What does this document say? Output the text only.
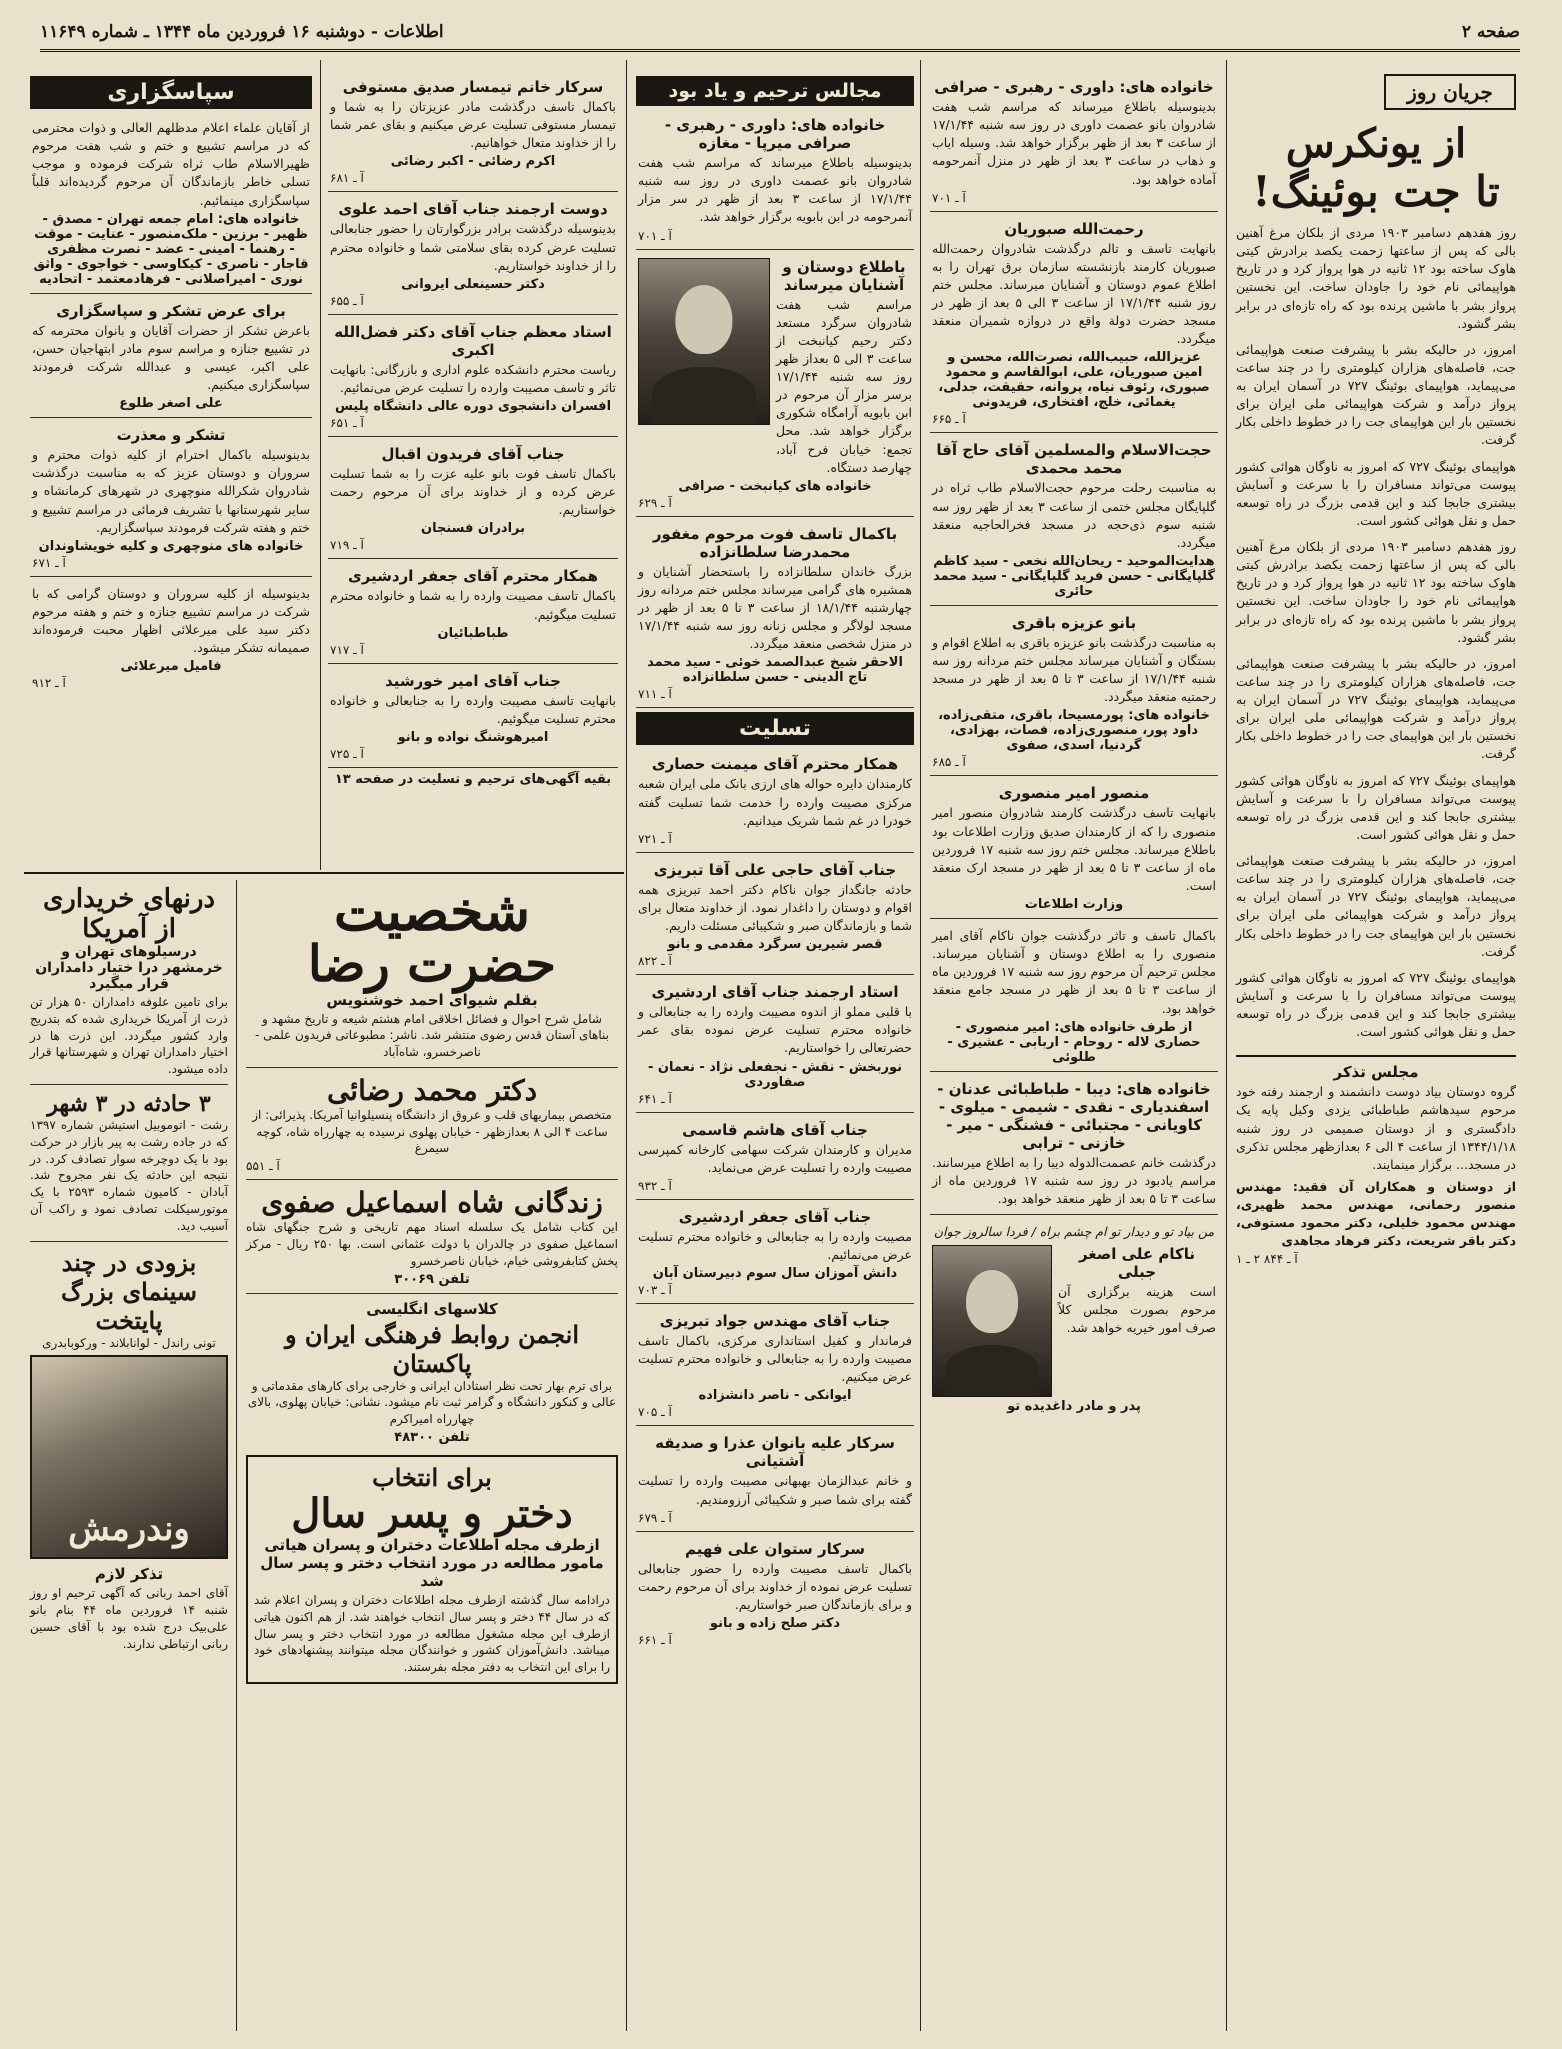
صفحه ۲
اطلاعات - دوشنبه ۱۶ فروردین ماه ۱۳۴۴ ـ شماره ۱۱۶۴۹
جریان روز
از یونکرس
تا جت بوئینگ!
روز هفدهم دسامبر ۱۹۰۳ مردی از بلکان مرغ آهنین بالی که پس از ساعتها زحمت یکصد برادرش کیتی هاوک ساخته بود ۱۲ ثانیه در هوا پرواز کرد و در تاریخ هواپیمائی نام خود را جاودان ساخت. این نخستین پرواز بشر با ماشین پرنده بود که راه تازه‌ای در برابر بشر گشود.
امروز، در حالیکه بشر با پیشرفت صنعت هواپیمائی جت، فاصله‌های هزاران کیلومتری را در چند ساعت می‌پیماید، هواپیمای بوئینگ ۷۲۷ در آسمان ایران به پرواز درآمد و شرکت هواپیمائی ملی ایران برای نخستین بار این هواپیمای جت را در خطوط داخلی بکار گرفت.
هواپیمای بوئینگ ۷۲۷ که امروز به ناوگان هوائی کشور پیوست می‌تواند مسافران را با سرعت و آسایش بیشتری جابجا کند و این قدمی بزرگ در راه توسعه حمل و نقل هوائی کشور است.
روز هفدهم دسامبر ۱۹۰۳ مردی از بلکان مرغ آهنین بالی که پس از ساعتها زحمت یکصد برادرش کیتی هاوک ساخته بود ۱۲ ثانیه در هوا پرواز کرد و در تاریخ هواپیمائی نام خود را جاودان ساخت. این نخستین پرواز بشر با ماشین پرنده بود که راه تازه‌ای در برابر بشر گشود.
امروز، در حالیکه بشر با پیشرفت صنعت هواپیمائی جت، فاصله‌های هزاران کیلومتری را در چند ساعت می‌پیماید، هواپیمای بوئینگ ۷۲۷ در آسمان ایران به پرواز درآمد و شرکت هواپیمائی ملی ایران برای نخستین بار این هواپیمای جت را در خطوط داخلی بکار گرفت.
هواپیمای بوئینگ ۷۲۷ که امروز به ناوگان هوائی کشور پیوست می‌تواند مسافران را با سرعت و آسایش بیشتری جابجا کند و این قدمی بزرگ در راه توسعه حمل و نقل هوائی کشور است.
امروز، در حالیکه بشر با پیشرفت صنعت هواپیمائی جت، فاصله‌های هزاران کیلومتری را در چند ساعت می‌پیماید، هواپیمای بوئینگ ۷۲۷ در آسمان ایران به پرواز درآمد و شرکت هواپیمائی ملی ایران برای نخستین بار این هواپیمای جت را در خطوط داخلی بکار گرفت.
هواپیمای بوئینگ ۷۲۷ که امروز به ناوگان هوائی کشور پیوست می‌تواند مسافران را با سرعت و آسایش بیشتری جابجا کند و این قدمی بزرگ در راه توسعه حمل و نقل هوائی کشور است.
مجلس تذکر
گروه دوستان بیاد دوست دانشمند و ارجمند رفته خود مرحوم سیدهاشم طباطبائی یزدی وکیل پایه یک دادگستری و از دوستان صمیمی در روز شنبه ۱۳۴۴/۱/۱۸ از ساعت ۴ الی ۶ بعدازظهر مجلس تذکری در مسجد... برگزار مینمایند.
از دوستان و همکاران آن فقید: مهندس منصور رحمانی، مهندس محمد ظهیری، مهندس محمود خلیلی، دکتر محمود مستوفی، دکتر باقر شریعت، دکتر فرهاد مجاهدی
آ ـ ۸۴۴ ۲ ـ ۱
خانواده های: داوری - رهبری - صرافی
بدینوسیله باطلاع میرساند که مراسم شب هفت شادروان بانو عصمت داوری در روز سه شنبه ۱۷/۱/۴۴ از ساعت ۳ بعد از ظهر برگزار خواهد شد. وسیله ایاب و ذهاب در ساعت ۳ بعد از ظهر در منزل آنمرحومه آماده خواهد بود.
آ ـ ۷۰۱
رحمت‌الله صبوریان
بانهایت تاسف و تالم درگذشت شادروان رحمت‌الله صبوریان کارمند بازنشسته سازمان برق تهران را به اطلاع عموم دوستان و آشنایان میرساند. مجلس ختم روز شنبه ۱۷/۱/۴۴ از ساعت ۳ الی ۵ بعد از ظهر در مسجد حضرت دولة واقع در دروازه شمیران منعقد میگردد.
عزیزالله، حبیب‌الله، نصرت‌الله، محسن و امین صبوریان، علی، ابوالقاسم و محمود صبوری، رئوف نیاه، پروانه، حقیقت، جدلی، یغمائی، خلج، افتخاری، فریدونی
آ ـ ۶۶۵
حجت‌الاسلام والمسلمین آقای حاج آقا محمد محمدی
به مناسبت رحلت مرحوم حجت‌الاسلام طاب ثراه در گلپایگان مجلس ختمی از ساعت ۳ بعد از ظهر روز سه شنبه سوم ذی‌حجه در مسجد فخرالحاجیه منعقد میگردد.
هدایت‌الموحید - ریحان‌الله نخعی - سید کاظم گلپایگانی - حسن فرید گلپایگانی - سید محمد حائری
بانو عزیزه باقری
به مناسبت درگذشت بانو عزیزه باقری به اطلاع اقوام و بستگان و آشنایان میرساند مجلس ختم مردانه روز سه شنبه ۱۷/۱/۴۴ از ساعت ۳ تا ۵ بعد از ظهر در مسجد رحمتیه منعقد میگردد.
خانواده های: پورمسیحا، باقری، متقی‌زاده، داود پور، منصوری‌زاده، فصات، بهزادی، گردنیا، اسدی، صفوی
آ ـ ۶۸۵
منصور امیر منصوری
بانهایت تاسف درگذشت کارمند شادروان منصور امیر منصوری را که از کارمندان صدیق وزارت اطلاعات بود باطلاع میرساند. مجلس ختم روز سه شنبه ۱۷ فروردین ماه از ساعت ۳ تا ۵ بعد از ظهر در مسجد ارک منعقد است.
وزارت اطلاعات
باکمال تاسف و تاثر درگذشت جوان ناکام آقای امیر منصوری را به اطلاع دوستان و آشنایان میرساند. مجلس ترحیم آن مرحوم روز سه شنبه ۱۷ فروردین ماه از ساعت ۳ تا ۵ بعد از ظهر در مسجد جامع منعقد خواهد بود.
از طرف خانواده های: امیر منصوری - حصاری لاله - روحام - اربابی - عشیری - طلوئی
خانواده های: دیبا - طباطبائی عدنان - اسفندیاری - نقدی - شیمی - میلوی - کاویانی - مجتبائی - فشنگی - میر - خازنی - ترابی
درگذشت خانم عصمت‌الدوله دیبا را به اطلاع میرسانند. مراسم یادبود در روز سه شنبه ۱۷ فروردین ماه از ساعت ۳ تا ۵ بعد از ظهر منعقد خواهد بود.
من بیاد تو و دیدار تو ام چشم براه / فردا سالروز جوان
ناکام علی اصغر جبلی
است هزینه برگزاری آن مرحوم بصورت مجلس کلاً صرف امور خیریه خواهد شد.
پدر و مادر داغدیده تو
مجالس ترحیم و یاد بود
خانواده های: داوری - رهبری - صرافی میرپا - مغازه
بدینوسیله باطلاع میرساند که مراسم شب هفت شادروان بانو عصمت داوری در روز سه شنبه ۱۷/۱/۴۴ از ساعت ۳ بعد از ظهر در سر مزار آنمرحومه در ابن بابویه برگزار خواهد شد.
آ ـ ۷۰۱
باطلاع دوستان و آشنایان میرساند
مراسم شب هفت شادروان سرگرد مستعد دکتر رحیم کیانبخت از ساعت ۳ الی ۵ بعداز ظهر روز سه شنبه ۱۷/۱/۴۴ برسر مزار آن مرحوم در ابن بابویه آرامگاه شکوری برگزار خواهد شد. محل تجمع: خیابان فرح آباد، چهارصد دستگاه.
خانواده های کیانبخت - صرافی
آ ـ ۶۲۹
باکمال تاسف فوت مرحوم مغفور محمدرضا سلطانزاده
بزرگ خاندان سلطانزاده را باستحضار آشنایان و همشیره های گرامی میرساند مجلس ختم مردانه روز چهارشنبه ۱۸/۱/۴۴ از ساعت ۳ تا ۵ بعد از ظهر در مسجد لولاگر و مجلس زنانه روز سه شنبه ۱۷/۱/۴۴ در منزل شخصی منعقد میگردد.
الاحقر شیخ عبدالصمد خوئی - سید محمد تاج الدینی - حسن سلطانزاده
آ ـ ۷۱۱
تسلیت
همکار محترم آقای میمنت حصاری
کارمندان دایره حواله های ارزی بانک ملی ایران شعبه مرکزی مصیبت وارده را خدمت شما تسلیت گفته خودرا در غم شما شریک میدانیم.
آ ـ ۷۲۱
جناب آقای حاجی علی آقا تبریزی
حادثه جانگداز جوان ناکام دکتر احمد تبریزی همه اقوام و دوستان را داغدار نمود. از خداوند متعال برای شما و بازماندگان صبر و شکیبائی مسئلت داریم.
قصر شیرین سرگرد مقدمی و بانو
آ ـ ۸۲۲
استاد ارجمند جناب آقای اردشیری
با قلبی مملو از اندوه مصیبت وارده را به جنابعالی و خانواده محترم تسلیت عرض نموده بقای عمر حضرتعالی را خواستاریم.
نوربخش - نقش - نجفعلی نژاد - نعمان - صفاوردی
آ ـ ۶۴۱
جناب آقای هاشم قاسمی
مدیران و کارمندان شرکت سهامی کارخانه کمپرسی مصیبت وارده را تسلیت عرض می‌نماید.
آ ـ ۹۳۲
جناب آقای جعفر اردشیری
مصیبت وارده را به جنابعالی و خانواده محترم تسلیت عرض می‌نمائیم.
دانش آموزان سال سوم دبیرستان آبان
آ ـ ۷۰۳
جناب آقای مهندس جواد تبریزی
فرماندار و کفیل استانداری مرکزی، باکمال تاسف مصیبت وارده را به جنابعالی و خانواده محترم تسلیت عرض میکنیم.
ایوانکی - ناصر دانشزاده
آ ـ ۷۰۵
سرکار علیه بانوان عذرا و صدیقه آشتیانی
و خانم عبدالزمان بهبهانی مصیبت وارده را تسلیت گفته برای شما صبر و شکیبائی آرزومندیم.
آ ـ ۶۷۹
سرکار ستوان علی فهیم
باکمال تاسف مصیبت وارده را حضور جنابعالی تسلیت عرض نموده از خداوند برای آن مرحوم رحمت و برای بازماندگان صبر خواستاریم.
دکتر صلح زاده و بانو
آ ـ ۶۶۱
سرکار خانم تیمسار صدیق مستوفی
باکمال تاسف درگذشت مادر عزیزتان را به شما و تیمسار مستوفی تسلیت عرض میکنیم و بقای عمر شما را از خداوند متعال خواهانیم.
اکرم رضائی - اکبر رضائی
آ ـ ۶۸۱
دوست ارجمند جناب آقای احمد علوی
بدینوسیله درگذشت برادر بزرگوارتان را حضور جنابعالی تسلیت عرض کرده بقای سلامتی شما و خانواده محترم را از خداوند خواستاریم.
دکتر حسینعلی ایروانی
آ ـ ۶۵۵
استاد معظم جناب آقای دکتر فضل‌الله اکبری
ریاست محترم دانشکده علوم اداری و بازرگانی: بانهایت تاثر و تاسف مصیبت وارده را تسلیت عرض می‌نمائیم.
افسران دانشجوی دوره عالی دانشگاه پلیس
آ ـ ۶۵۱
جناب آقای فریدون اقبال
باکمال تاسف فوت بانو علیه عزت را به شما تسلیت عرض کرده و از خداوند برای آن مرحوم رحمت خواستاریم.
برادران فسنجان
آ ـ ۷۱۹
همکار محترم آقای جعفر اردشیری
باکمال تاسف مصیبت وارده را به شما و خانواده محترم تسلیت میگوئیم.
طباطبائیان
آ ـ ۷۱۷
جناب آقای امیر خورشید
بانهایت تاسف مصیبت وارده را به جنابعالی و خانواده محترم تسلیت میگوئیم.
امیرهوشنگ نواده و بانو
آ ـ ۷۲۵
بقیه آگهی‌های ترحیم و تسلیت در صفحه ۱۳
سپاسگزاری
از آقایان علماء اعلام مدظلهم العالی و ذوات محترمی که در مراسم تشییع و ختم و شب هفت مرحوم ظهیرالاسلام طاب ثراه شرکت فرموده و موجب تسلی خاطر بازماندگان آن مرحوم گردیده‌اند قلباً سپاسگزاری مینمائیم.
خانواده های: امام جمعه تهران - مصدق - ظهیر - برزین - ملک‌منصور - عنایت - موقت - رهنما - امینی - عضد - نصرت مظفری قاجار - ناصری - کیکاوسی - خواجوی - واثق نوری - امیراصلانی - فرهادمعتمد - اتحادیه
برای عرض تشکر و سپاسگزاری
باعرض تشکر از حضرات آقایان و بانوان محترمه که در تشییع جنازه و مراسم سوم مادر ابتهاجیان حسن، علی اکبر، عیسی و عبدالله شرکت فرمودند سپاسگزاری میکنیم.
علی اصغر طلوع
تشکر و معذرت
بدینوسیله باکمال احترام از کلیه ذوات محترم و سروران و دوستان عزیز که به مناسبت درگذشت شادروان شکرالله منوچهری در شهرهای کرمانشاه و سایر شهرستانها با تشریف فرمائی در مراسم تشییع و ختم و هفته شرکت فرمودند سپاسگزاریم.
خانواده های منوچهری و کلیه خویشاوندان
آ ـ ۶۷۱
بدینوسیله از کلیه سروران و دوستان گرامی که با شرکت در مراسم تشییع جنازه و ختم و هفته مرحوم دکتر سید علی میرعلائی اظهار محبت فرموده‌اند صمیمانه تشکر میشود.
فامیل میرعلائی
آ ـ ۹۱۲
شخصیت
حضرت رضا
بقلم شیوای احمد خوشنویس
شامل شرح احوال و فضائل اخلاقی امام هشتم شیعه و تاریخ مشهد و بناهای آستان قدس رضوی منتشر شد. ناشر: مطبوعاتی فریدون علمی - ناصرخسرو، شاه‌آباد
دکتر محمد رضائی
متخصص بیماریهای قلب و عروق از دانشگاه پنسیلوانیا آمریکا. پذیرائی: از ساعت ۴ الی ۸ بعدازظهر - خیابان پهلوی نرسیده به چهارراه شاه، کوچه سیمرغ
آ ـ ۵۵۱
زندگانی شاه اسماعیل صفوی
این کتاب شامل یک سلسله اسناد مهم تاریخی و شرح جنگهای شاه اسماعیل صفوی در چالدران با دولت عثمانی است. بها ۲۵۰ ریال - مرکز پخش کتابفروشی خیام، خیابان ناصرخسرو
تلفن ۳۰۰۶۹
کلاسهای انگلیسی
انجمن روابط فرهنگی ایران و پاکستان
برای ترم بهار تحت نظر استادان ایرانی و خارجی برای کارهای مقدماتی و عالی و کنکور دانشگاه و گرامر ثبت نام میشود. نشانی: خیابان پهلوی، بالای چهارراه امیراکرم
تلفن ۴۸۳۰۰
برای انتخاب
دختر و پسر سال
ازطرف مجله اطلاعات دختران و پسران هیاتی مامور مطالعه در مورد انتخاب دختر و پسر سال شد
درادامه سال گذشته ازطرف مجله اطلاعات دختران و پسران اعلام شد که در سال ۴۴ دختر و پسر سال انتخاب خواهند شد. از هم اکنون هیاتی ازطرف این مجله مشغول مطالعه در مورد انتخاب دختر و پسر سال میباشد. دانش‌آموزان کشور و خوانندگان مجله میتوانند پیشنهادهای خود را برای این انتخاب به دفتر مجله بفرستند.
درنهای خریداری
از آمریکا
درسیلوهای تهران و خرمشهر درا ختیار دامداران قرار میگیرد
برای تامین علوفه دامداران ۵۰ هزار تن ذرت از آمریکا خریداری شده که بتدریج وارد کشور میگردد. این ذرت ها در اختیار دامداران تهران و شهرستانها قرار داده میشود.
۳ حادثه در ۳ شهر
رشت - اتوموبیل استیشن شماره ۱۳۹۷ که در جاده رشت به پیر بازار در حرکت بود با یک دوچرخه سوار تصادف کرد. در نتیجه این حادثه یک نفر مجروح شد. آبادان - کامیون شماره ۲۵۹۳ با یک موتورسیکلت تصادف نمود و راکب آن آسیب دید.
بزودی در چند
سینمای بزرگ
پایتخت
تونی راندل - لوانابلاند - ورکوبا‌بدری
وندرمش
تذکر لازم
آقای احمد ربانی که آگهی ترحیم او روز شنبه ۱۴ فروردین ماه ۴۴ بنام بانو علی‌بیک درج شده بود با آقای حسین ربانی ارتباطی ندارند.
